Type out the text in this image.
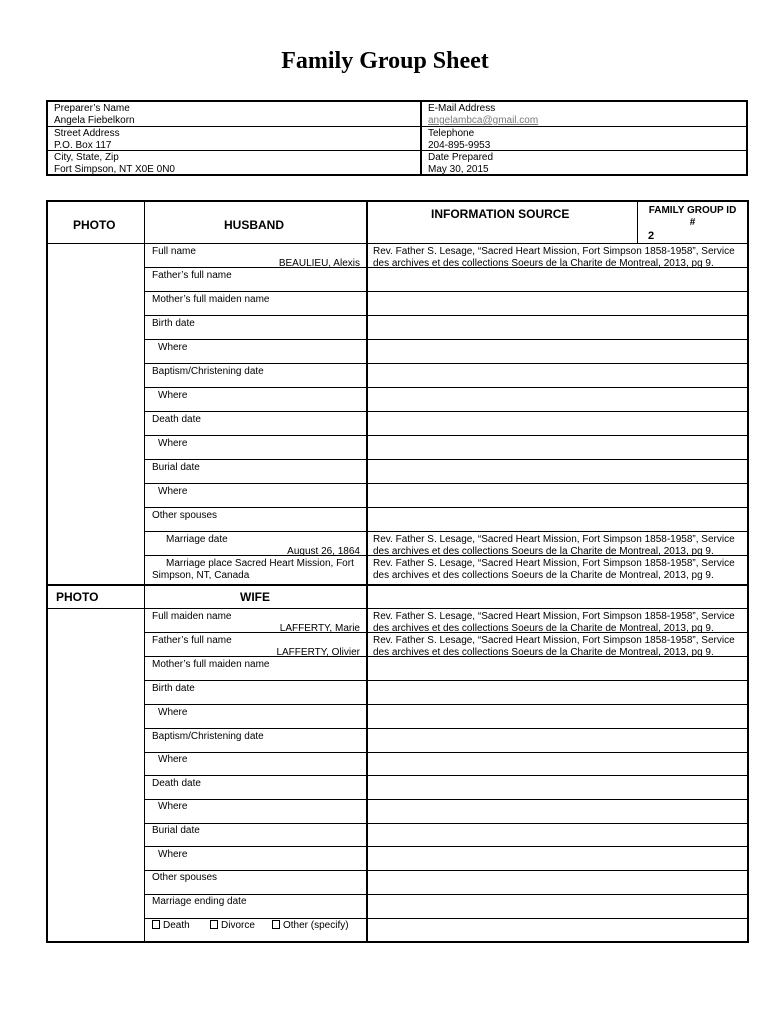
Family Group Sheet
Preparer’s Name
Angela Fiebelkorn
Street Address
P.O. Box 117
City, State, Zip
Fort Simpson, NT X0E 0N0
E-Mail Address
angelambca@gmail.com
Telephone
204-895-9953
Date Prepared
May 30, 2015
PHOTO	HUSBAND
INFORMATION SOURCE	FAMILY GROUP ID
#
2
Full name
BEAULIEU, Alexis
Rev. Father S. Lesage, “Sacred Heart Mission, Fort Simpson 1858-1958”, Service
des archives et des collections Soeurs de la Charite de Montreal, 2013, pg 9.
Father’s full name
Mother’s full maiden name
Birth date
Where
Baptism/Christening date
Where
Death date
Where
Burial date
Where
Other spouses
Marriage date
August 26, 1864
Rev. Father S. Lesage, “Sacred Heart Mission, Fort Simpson 1858-1958”, Service
des archives et des collections Soeurs de la Charite de Montreal, 2013, pg 9.
Marriage place Sacred Heart Mission, Fort
Simpson, NT, Canada
Rev. Father S. Lesage, “Sacred Heart Mission, Fort Simpson 1858-1958”, Service
des archives et des collections Soeurs de la Charite de Montreal, 2013, pg 9.
PHOTO	WIFE
Full maiden name
LAFFERTY, Marie
Rev. Father S. Lesage, “Sacred Heart Mission, Fort Simpson 1858-1958”, Service
des archives et des collections Soeurs de la Charite de Montreal, 2013, pg 9.
Father’s full name
LAFFERTY, Olivier
Rev. Father S. Lesage, “Sacred Heart Mission, Fort Simpson 1858-1958”, Service
des archives et des collections Soeurs de la Charite de Montreal, 2013, pg 9.
Mother’s full maiden name
Birth date
Where
Baptism/Christening date
Where
Death date
Where
Burial date
Where
Other spouses
Marriage ending date
Death	Divorce	Other (specify)
